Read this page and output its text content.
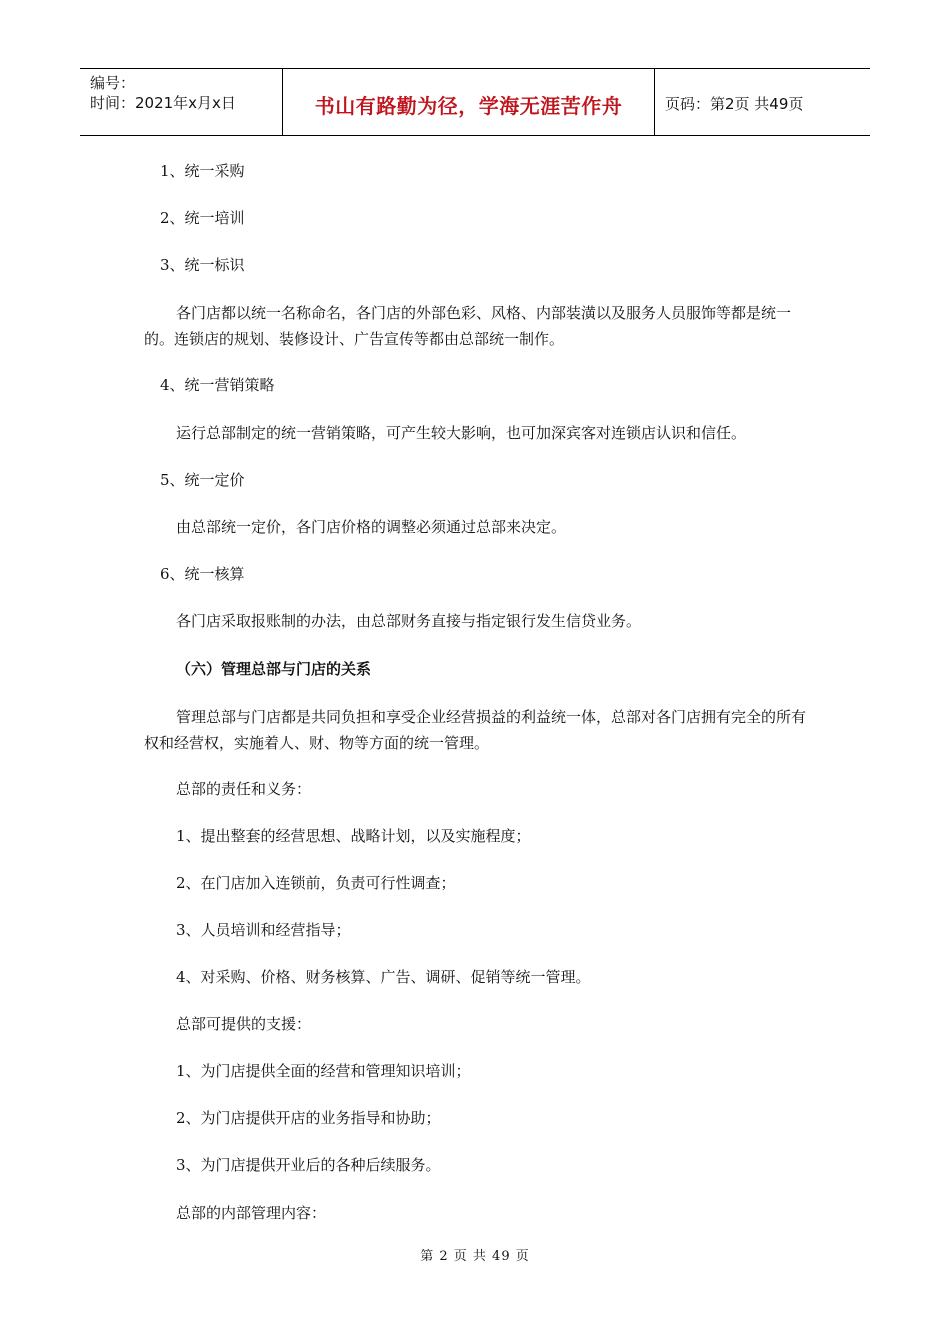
编号：
时间：2021年x月x日	书山有路勤为径，学海无涯苦作舟	页码：第2页 共49页

1、统一采购

2、统一培训

3、统一标识

各门店都以统一名称命名，各门店的外部色彩、风格、内部装潢以及服务人员服饰等都是统一的。连锁店的规划、装修设计、广告宣传等都由总部统一制作。

4、统一营销策略

运行总部制定的统一营销策略，可产生较大影响，也可加深宾客对连锁店认识和信任。

5、统一定价

由总部统一定价，各门店价格的调整必须通过总部来决定。

6、统一核算

各门店采取报账制的办法，由总部财务直接与指定银行发生信贷业务。

（六）管理总部与门店的关系

管理总部与门店都是共同负担和享受企业经营损益的利益统一体，总部对各门店拥有完全的所有权和经营权，实施着人、财、物等方面的统一管理。

总部的责任和义务：

1、提出整套的经营思想、战略计划，以及实施程度；

2、在门店加入连锁前，负责可行性调查；

3、人员培训和经营指导；

4、对采购、价格、财务核算、广告、调研、促销等统一管理。

总部可提供的支援：

1、为门店提供全面的经营和管理知识培训；

2、为门店提供开店的业务指导和协助；

3、为门店提供开业后的各种后续服务。

总部的内部管理内容：

第 2 页 共 49 页
